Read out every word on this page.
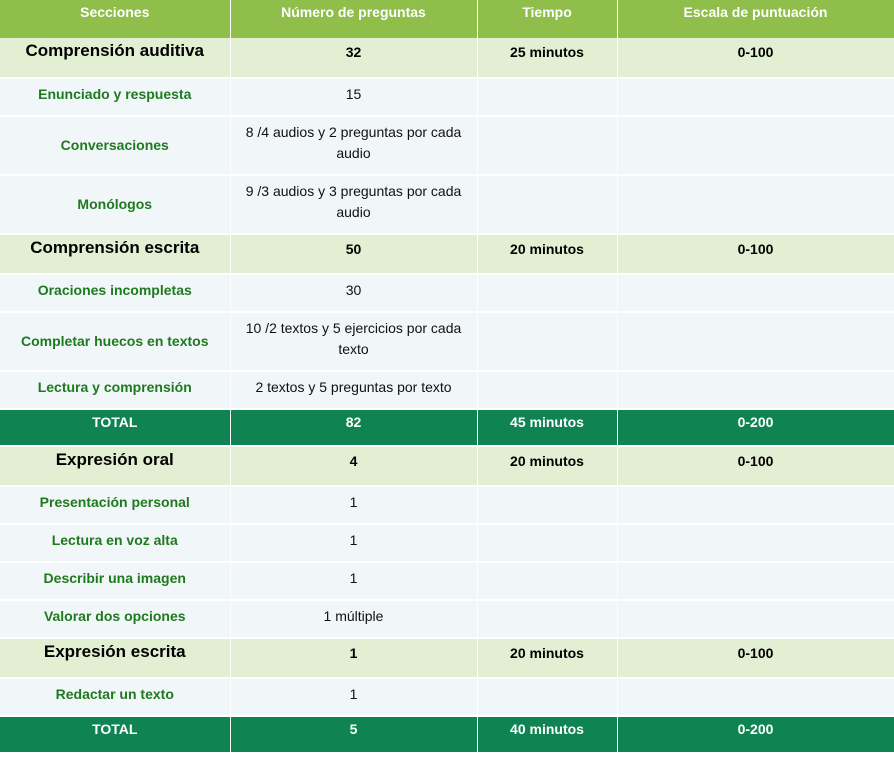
Secciones	Número de preguntas	Tiempo	Escala de puntuación
Comprensión auditiva	32	25 minutos	0-100
Enunciado y respuesta	15		
Conversaciones	8 /4 audios y 2 preguntas por cada audio		
Monólogos	9 /3 audios y 3 preguntas por cada audio		
Comprensión escrita	50	20 minutos	0-100
Oraciones incompletas	30		
Completar huecos en textos	10 /2 textos y 5 ejercicios por cada texto		
Lectura y comprensión	2 textos y 5 preguntas por texto		
TOTAL	82	45 minutos	0-200
Expresión oral	4	20 minutos	0-100
Presentación personal	1		
Lectura en voz alta	1		
Describir una imagen	1		
Valorar dos opciones	1 múltiple		
Expresión escrita	1	20 minutos	0-100
Redactar un texto	1		
TOTAL	5	40 minutos	0-200
